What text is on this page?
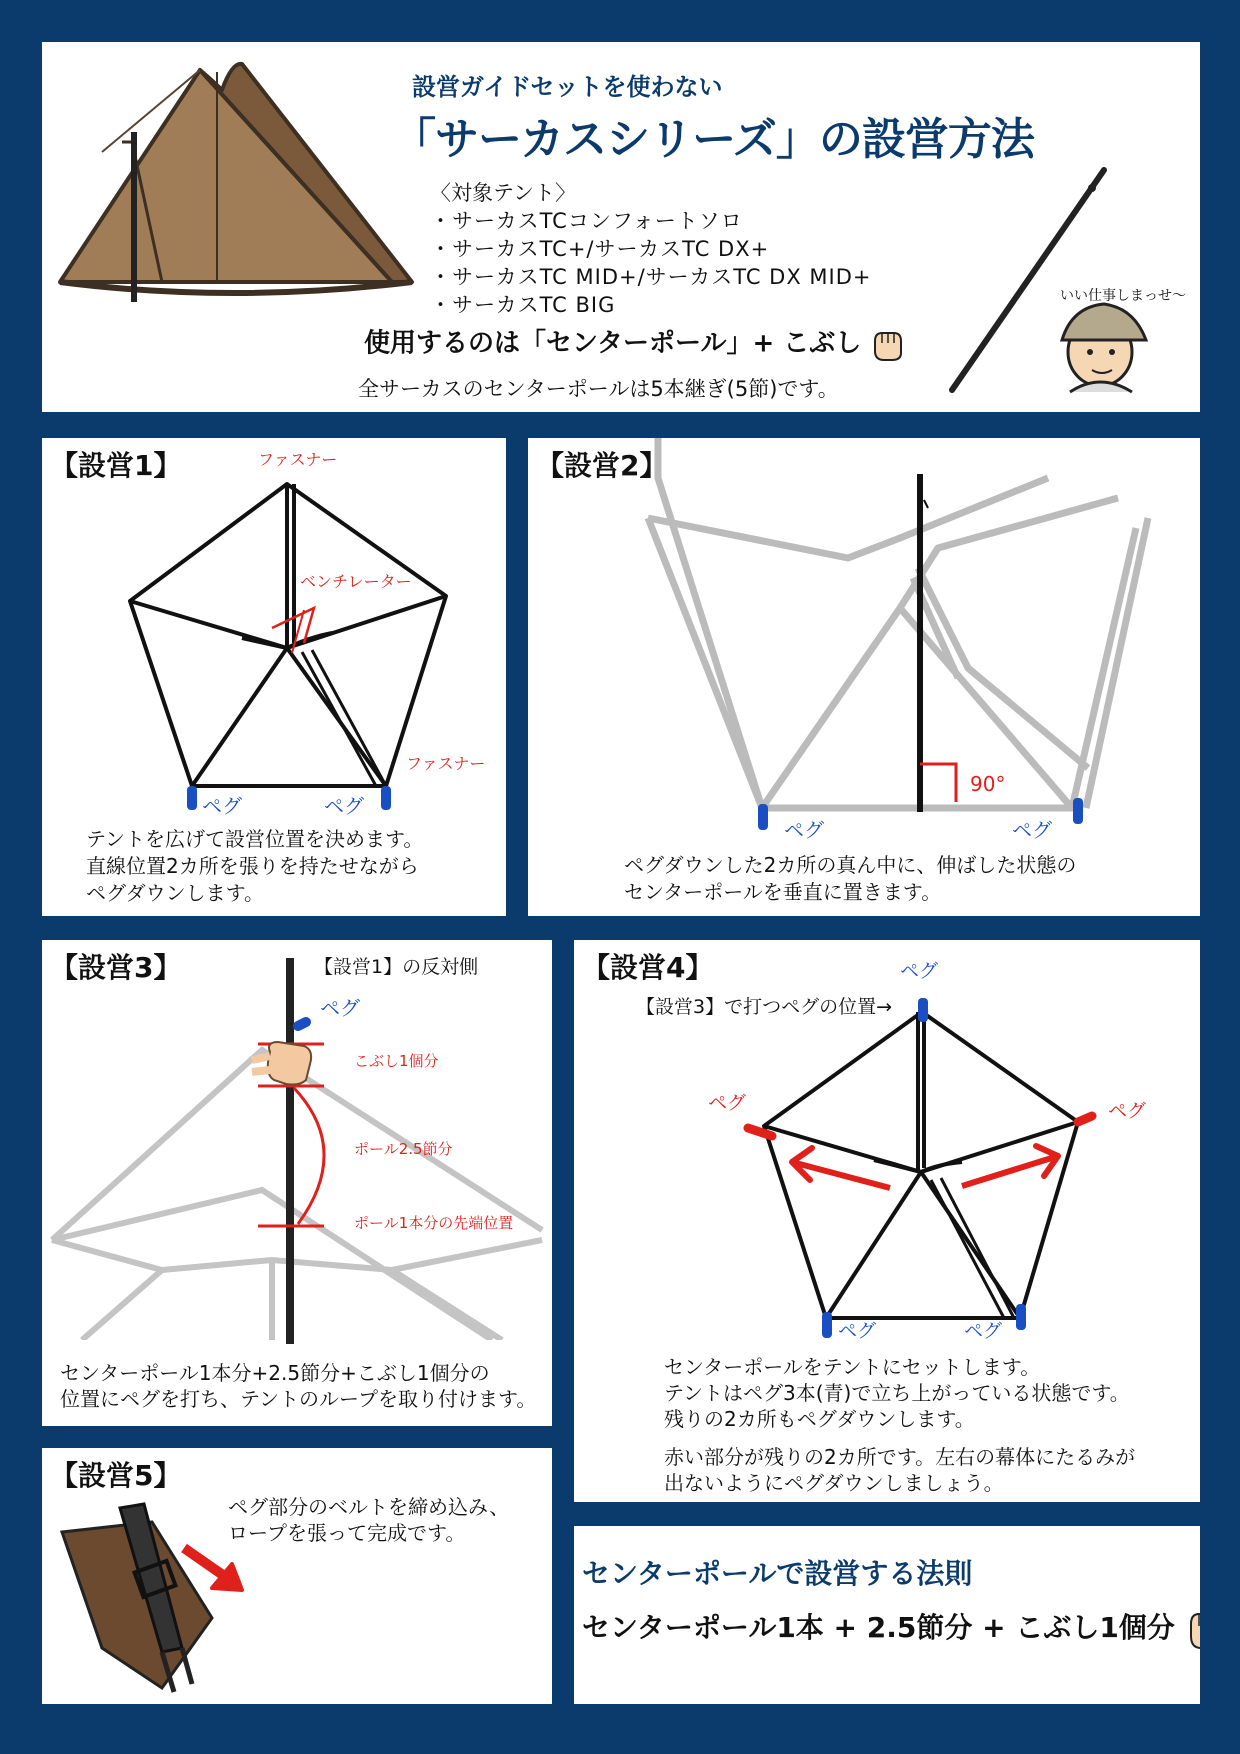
設営ガイドセットを使わない
「サーカスシリーズ」の設営方法
〈対象テント〉
・サーカスTCコンフォートソロ
・サーカスTC+/サーカスTC DX+
・サーカスTC MID+/サーカスTC DX MID+
・サーカスTC BIG
使用するのは「センターポール」+ こぶし
全サーカスのセンターポールは5本継ぎ(5節)です。
いい仕事しまっせ〜
【設営1】	ファスナー
ベンチレーター
ファスナー
ペグ	ペグ
テントを広げて設営位置を決めます。
直線位置2カ所を張りを持たせながら
ペグダウンします。
【設営2】
90°
ペグ	ペグ
ペグダウンした2カ所の真ん中に、伸ばした状態の
センターポールを垂直に置きます。
【設営3】	【設営1】の反対側
ペグ
こぶし1個分
ポール2.5節分
ポール1本分の先端位置
センターポール1本分+2.5節分+こぶし1個分の
位置にペグを打ち、テントのループを取り付けます。
【設営4】	ペグ
【設営3】で打つペグの位置→
ペグ	ペグ
ペグ	ペグ
センターポールをテントにセットします。
テントはペグ3本(青)で立ち上がっている状態です。
残りの2カ所もペグダウンします。
赤い部分が残りの2カ所です。左右の幕体にたるみが
出ないようにペグダウンしましょう。
【設営5】
ペグ部分のベルトを締め込み、
ロープを張って完成です。
センターポールで設営する法則
センターポール1本 + 2.5節分 + こぶし1個分
